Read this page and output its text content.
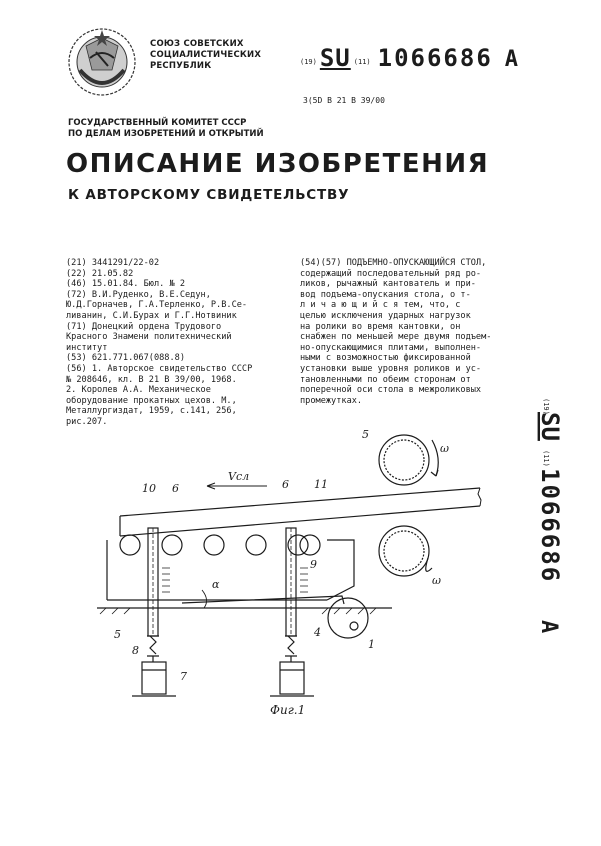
СОЮЗ СОВЕТСКИХ
СОЦИАЛИСТИЧЕСКИХ
РЕСПУБЛИК	(19) SU (11) 1066686 A
3(5D B 21 B 39/00
ГОСУДАРСТВЕННЫЙ КОМИТЕТ СССР
ПО ДЕЛАМ ИЗОБРЕТЕНИЙ И ОТКРЫТИЙ
ОПИСАНИЕ ИЗОБРЕТЕНИЯ
К АВТОРСКОМУ СВИДЕТЕЛЬСТВУ
(21) 3441291/22-02
(22) 21.05.82
(46) 15.01.84. Бюл. № 2
(72) В.И.Руденко, В.Е.Седун,
Ю.Д.Горначев, Г.А.Терленко, Р.В.Се-
ливанин, С.И.Бурах и Г.Г.Нотвиник
(71) Донецкий ордена Трудового
Красного Знамени политехнический
институт
(53) 621.771.067(088.8)
(56) 1. Авторское свидетельство СССР
№ 208646, кл. В 21 В 39/00, 1968.
2. Королев А.А. Механическое
оборудование прокатных цехов. М.,
Металлургиздат, 1959, с.141, 256,
рис.207.
(54)(57) ПОДЪЕМНО-ОПУСКАЮЩИЙСЯ СТОЛ,
содержащий последовательный ряд ро-
ликов, рычажный кантователь и при-
вод подъема-опускания стола, о т-
л и ч а ю щ и й с я тем, что, с
целью исключения ударных нагрузок
на ролики во время кантовки, он
снабжен по меньшей мере двумя подъем-
но-опускающимися плитами, выполнен-
ными с возможностью фиксированной
установки выше уровня роликов и ус-
тановленными по обеим сторонам от
поперечной оси стола в межроликовых
промежутках.	(19)
SU
(11)
1066686
A
Vсл
α
ω
ω
5
10 6	6 11
9
4
1
5
8
7
Фиг.1
